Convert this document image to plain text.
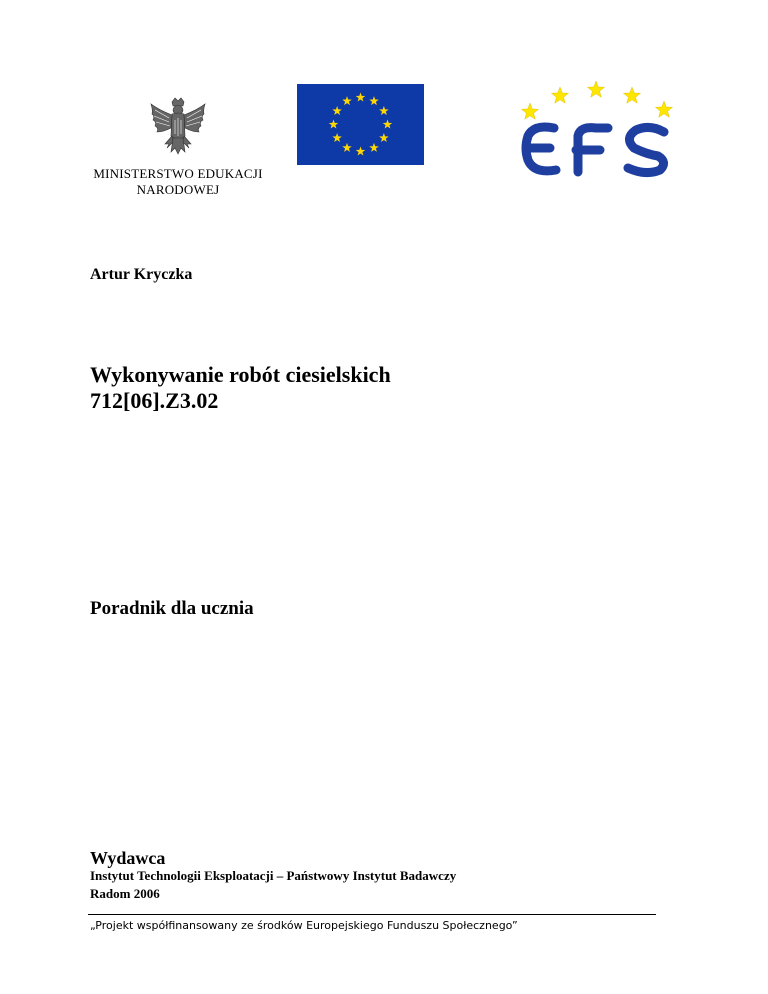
MINISTERSTWO EDUKACJI
NARODOWEJ
Artur Kryczka
Wykonywanie robót ciesielskich
712[06].Z3.02
Poradnik dla ucznia
Wydawca
Instytut Technologii Eksploatacji – Państwowy Instytut Badawczy
Radom 2006
„Projekt współfinansowany ze środków Europejskiego Funduszu Społecznego”
